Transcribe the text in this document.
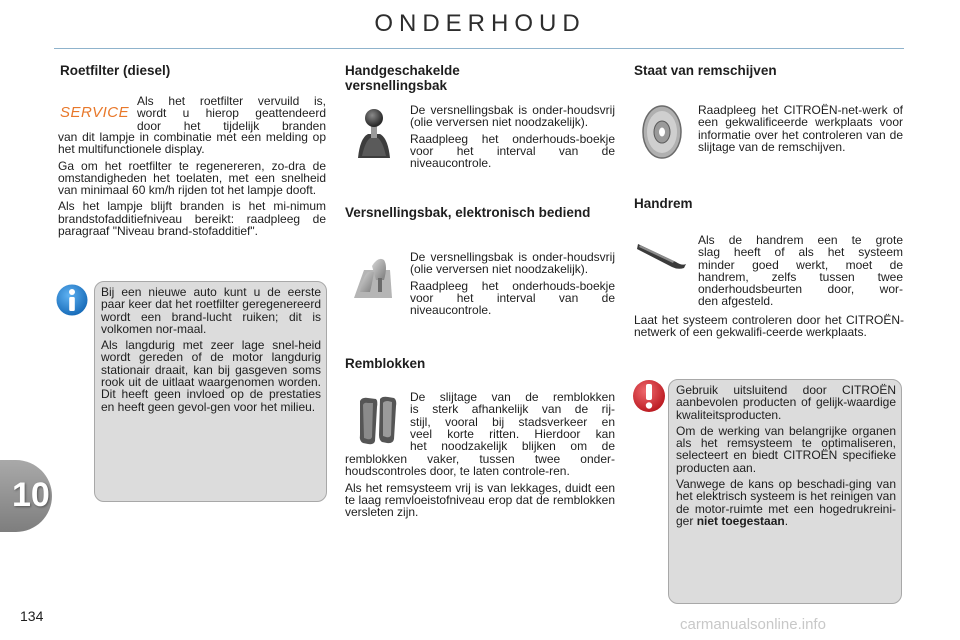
ONDERHOUD
Roetfilter (diesel)
SERVICE
Als het roetfilter vervuild is,
wordt u hierop geattendeerd
door het tijdelijk branden

van dit lampje in combinatie met een melding op het multifunctionele display.

Ga om het roetfilter te regenereren, zo-dra de omstandigheden het toelaten, met een snelheid van minimaal 60 km/h rijden tot het lampje dooft.

Als het lampje blijft branden is het mi-nimum brandstofadditiefniveau bereikt: raadpleeg de paragraaf "Niveau brand-stofadditief".

Bij een nieuwe auto kunt u de eerste paar keer dat het roetfilter geregenereerd wordt een brand-lucht ruiken; dit is volkomen nor-maal.

Als langdurig met zeer lage snel-heid wordt gereden of de motor langdurig stationair draait, kan bij gasgeven soms rook uit de uitlaat waargenomen worden. Dit heeft geen invloed op de prestaties en heeft geen gevol-gen voor het milieu.

Handgeschakelde versnellingsbak

De versnellingsbak is onder-houdsvrij (olie verversen niet noodzakelijk).

Raadpleeg het onderhouds-boekje voor het interval van de niveaucontrole.

Versnellingsbak, elektronisch bediend

De versnellingsbak is onder-houdsvrij (olie verversen niet noodzakelijk).

Raadpleeg het onderhouds-boekje voor het interval van de niveaucontrole.

Remblokken
De slijtage van de remblokken
is sterk afhankelijk van de rij-
stijl, vooral bij stadsverkeer en
veel korte ritten. Hierdoor kan
het noodzakelijk blijken om de

remblokken vaker, tussen twee onder-houdscontroles door, te laten controle-ren.

Als het remsysteem vrij is van lekkages, duidt een te laag remvloeistofniveau erop dat de remblokken versleten zijn.

Staat van remschijven

Raadpleeg het CITROËN-net-werk of een gekwalificeerde werkplaats voor informatie over het controleren van de slijtage van de remschijven.

Handrem
Als de handrem een te grote
slag heeft of als het systeem
minder goed werkt, moet de
handrem, zelfs tussen twee
onderhoudsbeurten door, wor-
den afgesteld.

Laat het systeem controleren door het CITROËN-netwerk of een gekwalifi-ceerde werkplaats.

Gebruik uitsluitend door CITROËN aanbevolen producten of gelijk-waardige kwaliteitsproducten.

Om de werking van belangrijke organen als het remsysteem te optimaliseren, selecteert en biedt CITROËN specifieke producten aan.

Vanwege de kans op beschadi-ging van het elektrisch systeem is het reinigen van de motor-ruimte met een hogedrukreini-ger niet toegestaan.

10
134	carmanualsonline.info
